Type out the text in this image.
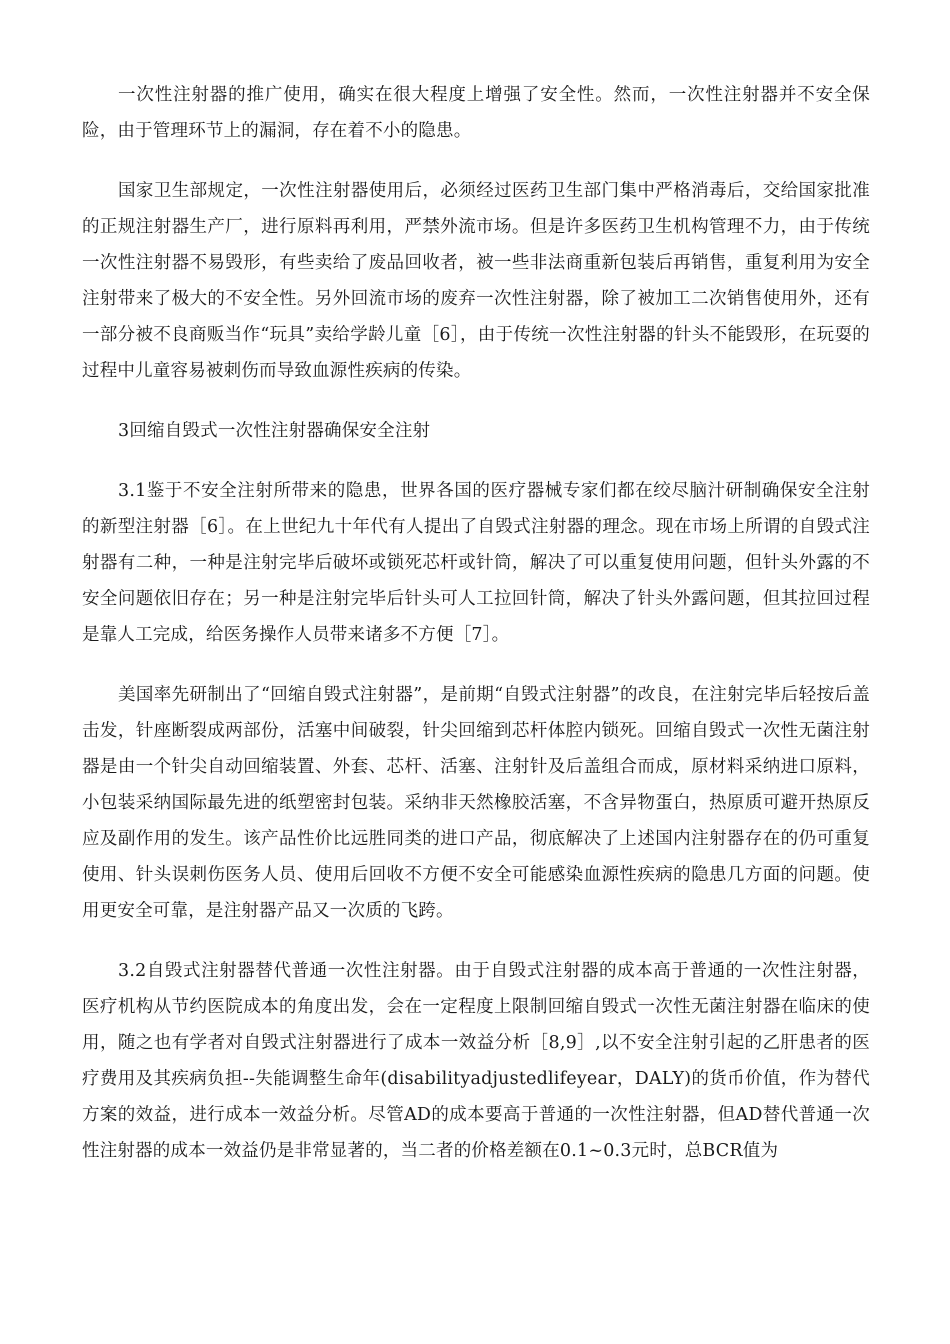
一次性注射器的推广使用，确实在很大程度上增强了安全性。然而，一次性注射器并不安全保险，由于管理环节上的漏洞，存在着不小的隐患。

国家卫生部规定，一次性注射器使用后，必须经过医药卫生部门集中严格消毒后，交给国家批准的正规注射器生产厂，进行原料再利用，严禁外流市场。但是许多医药卫生机构管理不力，由于传统一次性注射器不易毁形，有些卖给了废品回收者，被一些非法商重新包装后再销售，重复利用为安全注射带来了极大的不安全性。另外回流市场的废弃一次性注射器，除了被加工二次销售使用外，还有一部分被不良商贩当作“玩具”卖给学龄儿童［6］，由于传统一次性注射器的针头不能毁形，在玩耍的过程中儿童容易被刺伤而导致血源性疾病的传染。

3回缩自毁式一次性注射器确保安全注射

3.1鉴于不安全注射所带来的隐患，世界各国的医疗器械专家们都在绞尽脑汁研制确保安全注射的新型注射器［6］。在上世纪九十年代有人提出了自毁式注射器的理念。现在市场上所谓的自毁式注射器有二种，一种是注射完毕后破坏或锁死芯杆或针筒，解决了可以重复使用问题，但针头外露的不安全问题依旧存在；另一种是注射完毕后针头可人工拉回针筒，解决了针头外露问题，但其拉回过程是靠人工完成，给医务操作人员带来诸多不方便［7］。

美国率先研制出了“回缩自毁式注射器”，是前期“自毁式注射器”的改良，在注射完毕后轻按后盖击发，针座断裂成两部份，活塞中间破裂，针尖回缩到芯杆体腔内锁死。回缩自毁式一次性无菌注射器是由一个针尖自动回缩装置、外套、芯杆、活塞、注射针及后盖组合而成，原材料采纳进口原料，小包装采纳国际最先进的纸塑密封包装。采纳非天然橡胶活塞，不含异物蛋白，热原质可避开热原反应及副作用的发生。该产品性价比远胜同类的进口产品，彻底解决了上述国内注射器存在的仍可重复使用、针头误刺伤医务人员、使用后回收不方便不安全可能感染血源性疾病的隐患几方面的问题。使用更安全可靠，是注射器产品又一次质的飞跨。

3.2自毁式注射器替代普通一次性注射器。由于自毁式注射器的成本高于普通的一次性注射器，医疗机构从节约医院成本的角度出发，会在一定程度上限制回缩自毁式一次性无菌注射器在临床的使用，随之也有学者对自毁式注射器进行了成本一效益分析［8,9］,以不安全注射引起的乙肝患者的医疗费用及其疾病负担--失能调整生命年(disabilityadjustedlifeyear，DALY)的货币价值，作为替代方案的效益，进行成本一效益分析。尽管AD的成本要高于普通的一次性注射器，但AD替代普通一次性注射器的成本一效益仍是非常显著的，当二者的价格差额在0.1~0.3元时，总BCR值为
